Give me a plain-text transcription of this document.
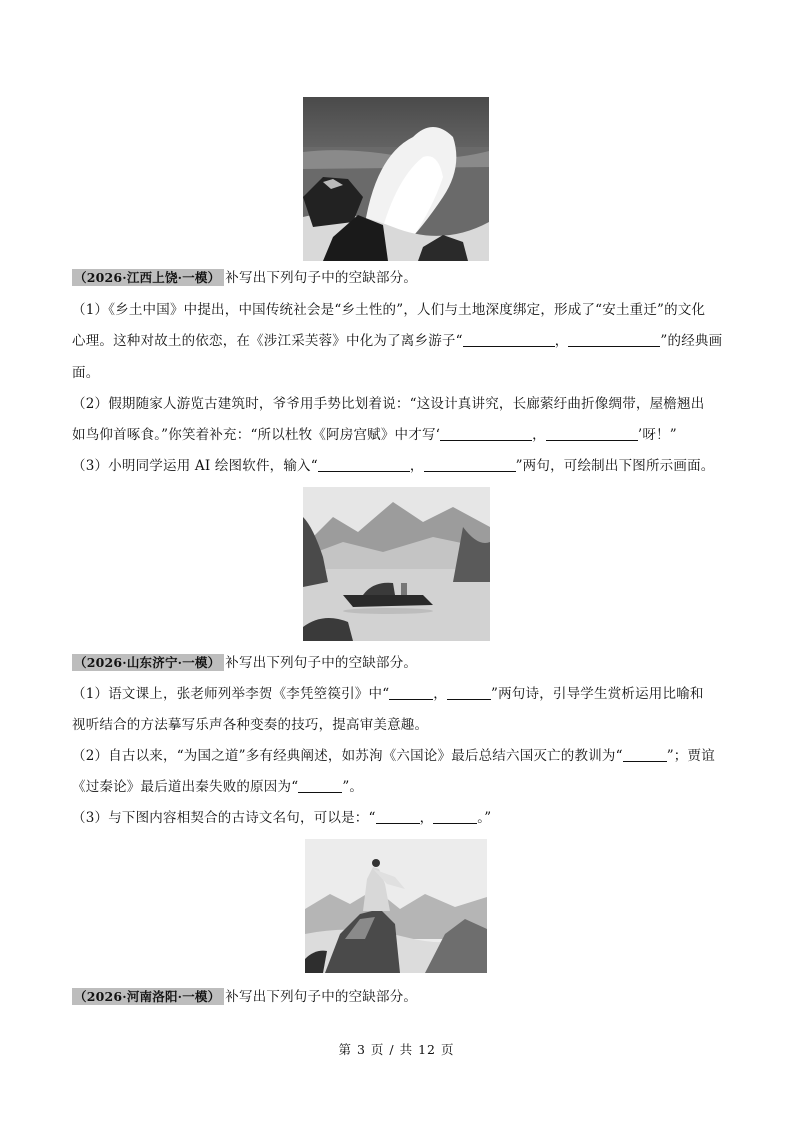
（2026·江西上饶·一模） 补写出下列句子中的空缺部分。
（1）《乡土中国》中提出，中国传统社会是“乡土性的”，人们与土地深度绑定，形成了“安土重迁”的文化
心理。这种对故土的依恋，在《涉江采芙蓉》中化为了离乡游子“	，	”的经典画
面。
（2）假期随家人游览古建筑时，爷爷用手势比划着说：“这设计真讲究，长廊萦纡曲折像绸带，屋檐翘出
如鸟仰首啄食。”你笑着补充：“所以杜牧《阿房宫赋》中才写‘	，	’呀！”
（3）小明同学运用 AI 绘图软件，输入“	，	”两句，可绘制出下图所示画面。
（2026·山东济宁·一模） 补写出下列句子中的空缺部分。
（1）语文课上，张老师列举李贺《李凭箜篌引》中“	，	”两句诗，引导学生赏析运用比喻和
视听结合的方法摹写乐声各种变奏的技巧，提高审美意趣。
（2）自古以来，“为国之道”多有经典阐述，如苏洵《六国论》最后总结六国灭亡的教训为“	”；贾谊
《过秦论》最后道出秦失败的原因为“	”。
（3）与下图内容相契合的古诗文名句，可以是：“	，	。”
（2026·河南洛阳·一模） 补写出下列句子中的空缺部分。
第 3 页 / 共 12 页
